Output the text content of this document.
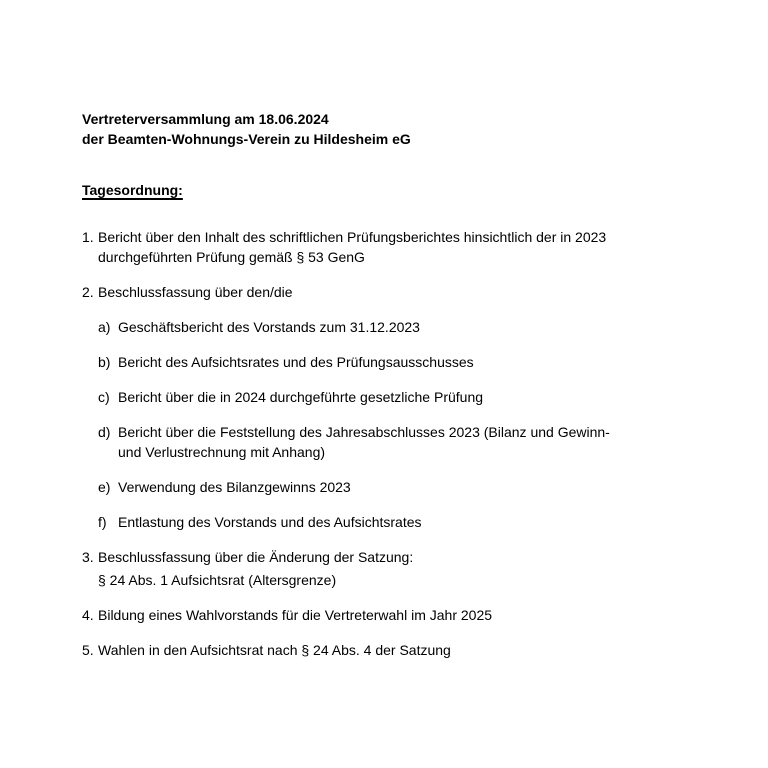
Vertreterversammlung am 18.06.2024
der Beamten-Wohnungs-Verein zu Hildesheim eG
Tagesordnung:
1. Bericht über den Inhalt des schriftlichen Prüfungsberichtes hinsichtlich der in 2023
durchgeführten Prüfung gemäß § 53 GenG
2. Beschlussfassung über den/die
a) Geschäftsbericht des Vorstands zum 31.12.2023
b) Bericht des Aufsichtsrates und des Prüfungsausschusses
c) Bericht über die in 2024 durchgeführte gesetzliche Prüfung
d) Bericht über die Feststellung des Jahresabschlusses 2023 (Bilanz und Gewinn-
und Verlustrechnung mit Anhang)
e) Verwendung des Bilanzgewinns 2023
f) Entlastung des Vorstands und des Aufsichtsrates
3. Beschlussfassung über die Änderung der Satzung:
§ 24 Abs. 1 Aufsichtsrat (Altersgrenze)
4. Bildung eines Wahlvorstands für die Vertreterwahl im Jahr 2025
5. Wahlen in den Aufsichtsrat nach § 24 Abs. 4 der Satzung
